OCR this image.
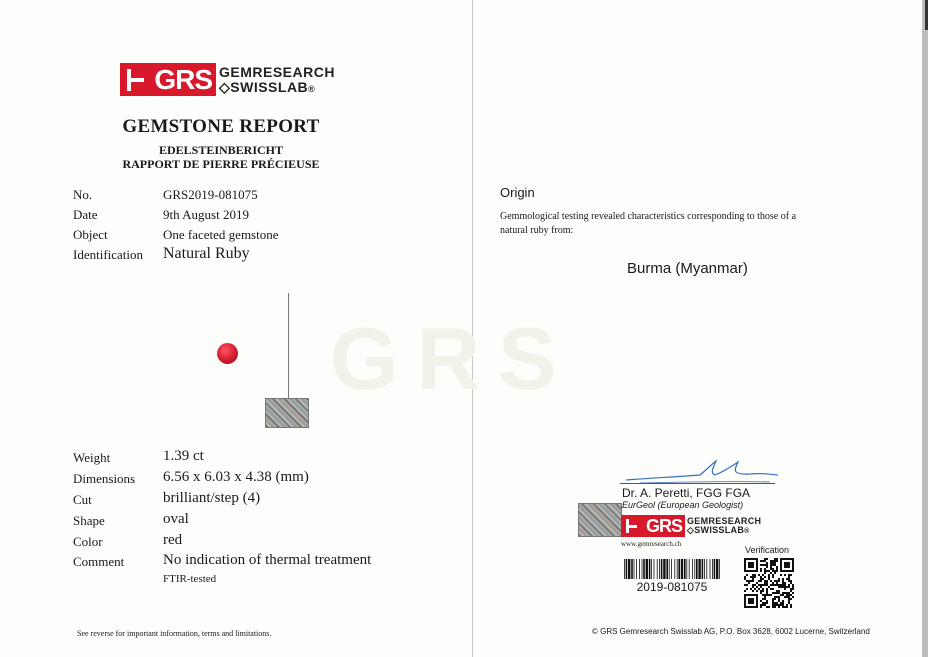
GRS GEMRESEARCH
◇SWISSLAB®
GEMSTONE REPORT
EDELSTEINBERICHT
RAPPORT DE PIERRE PRÉCIEUSE
No.	GRS2019-081075
Date	9th August 2019
Object	One faceted gemstone
Identification Natural Ruby
GRS
Weight	1.39 ct
Dimensions 6.56 x 6.03 x 4.38 (mm)
Cut	brilliant/step (4)
Shape	oval
Color	red
Comment	No indication of thermal treatment
FTIR-tested
See reverse for important information, terms and limitations.
Origin
Gemmological testing revealed characteristics corresponding to those of a natural ruby from:
Burma (Myanmar)
Dr. A. Peretti, FGG FGA
EurGeol (European Geologist)
GRS GEMRESEARCH
◇SWISSLAB®
www.gemresearch.ch
2019-081075
Verification
© GRS Gemresearch Swisslab AG, P.O. Box 3628, 6002 Lucerne, Switzerland
